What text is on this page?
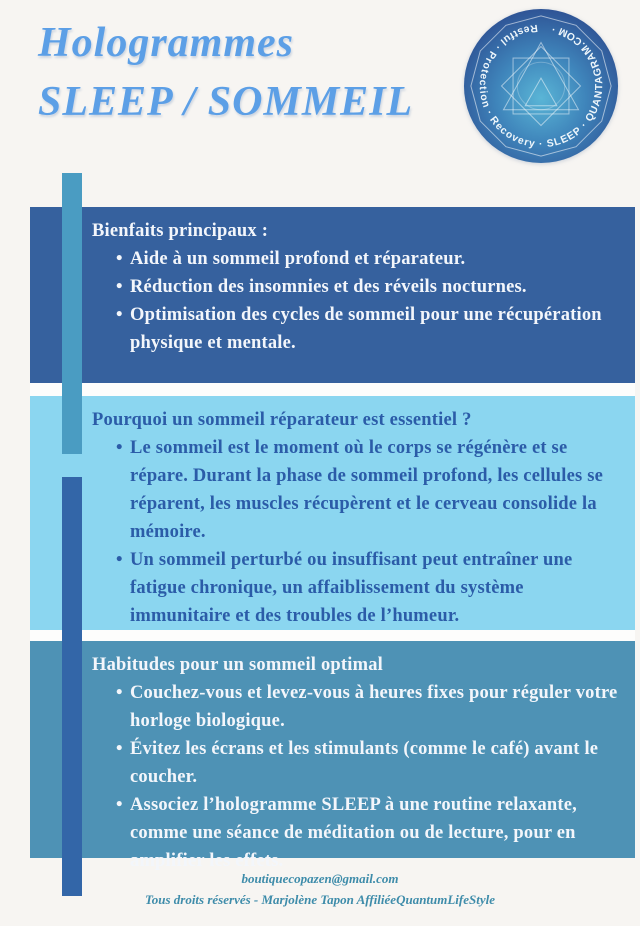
Hologrammes
SLEEP / SOMMEIL
Restful · Protection · Recovery · SLEEP · QUANTAGRAM.COM ·
Bienfaits principaux :
• Aide à un sommeil profond et réparateur.
• Réduction des insomnies et des réveils nocturnes.
• Optimisation des cycles de sommeil pour une récupération physique et mentale.
Pourquoi un sommeil réparateur est essentiel ?
• Le sommeil est le moment où le corps se régénère et se répare. Durant la phase de sommeil profond, les cellules se réparent, les muscles récupèrent et le cerveau consolide la mémoire.
• Un sommeil perturbé ou insuffisant peut entraîner une fatigue chronique, un affaiblissement du système immunitaire et des troubles de l’humeur.
Habitudes pour un sommeil optimal
• Couchez-vous et levez-vous à heures fixes pour réguler votre horloge biologique.
• Évitez les écrans et les stimulants (comme le café) avant le coucher.
• Associez l’hologramme SLEEP à une routine relaxante, comme une séance de méditation ou de lecture, pour en amplifier les effets.
boutiquecopazen@gmail.com
Tous droits réservés - Marjolène Tapon AffiliéeQuantumLifeStyle
